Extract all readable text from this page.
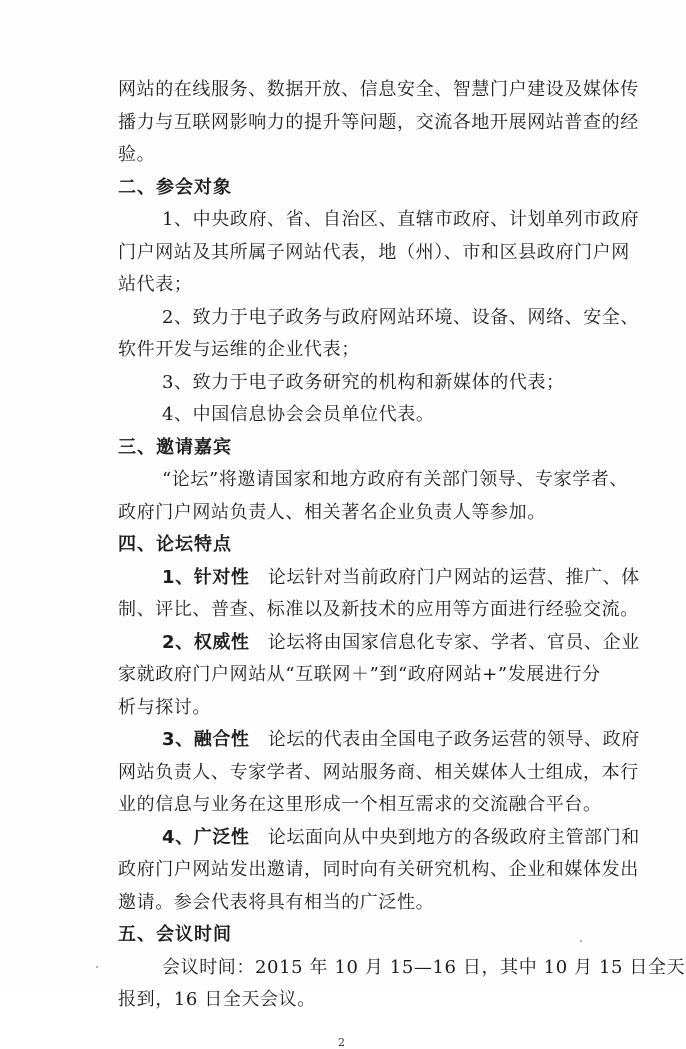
网站的在线服务、数据开放、信息安全、智慧门户建设及媒体传
播力与互联网影响力的提升等问题，交流各地开展网站普查的经
验。
二、参会对象
1、中央政府、省、自治区、直辖市政府、计划单列市政府
门户网站及其所属子网站代表，地（州）、市和区县政府门户网
站代表；
2、致力于电子政务与政府网站环境、设备、网络、安全、
软件开发与运维的企业代表；
3、致力于电子政务研究的机构和新媒体的代表；
4、中国信息协会会员单位代表。
三、邀请嘉宾
“论坛”将邀请国家和地方政府有关部门领导、专家学者、
政府门户网站负责人、相关著名企业负责人等参加。
四、论坛特点
1、针对性 论坛针对当前政府门户网站的运营、推广、体
制、评比、普查、标准以及新技术的应用等方面进行经验交流。
2、权威性 论坛将由国家信息化专家、学者、官员、企业
家就政府门户网站从“互联网＋”到“政府网站+”发展进行分
析与探讨。
3、融合性 论坛的代表由全国电子政务运营的领导、政府
网站负责人、专家学者、网站服务商、相关媒体人士组成，本行
业的信息与业务在这里形成一个相互需求的交流融合平台。
4、广泛性 论坛面向从中央到地方的各级政府主管部门和
政府门户网站发出邀请，同时向有关研究机构、企业和媒体发出
邀请。参会代表将具有相当的广泛性。
五、会议时间
会议时间：2015 年 10 月 15—16 日，其中 10 月 15 日全天
报到，16 日全天会议。
2
